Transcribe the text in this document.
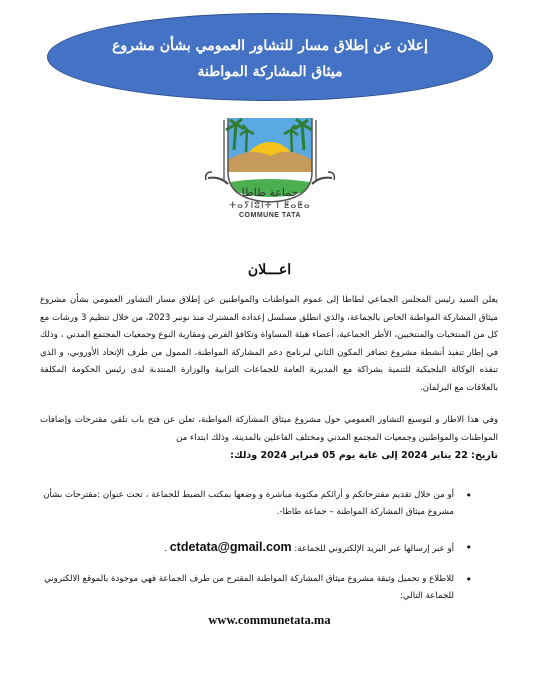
إعلان عن إطلاق مسار للتشاور العمومي بشأن مشروع
ميثاق المشاركة المواطنة
جماعة طاطا
ⵜⴰⵢⵏⵓⵏⵜ ⵏ ⵟⴰⵟⴰ
COMMUNE TATA
اعـــلان
يعلن السيد رئيس المجلس الجماعي لطاطا إلى عموم المواطنات والمواطنين عن إطلاق مسار التشاور العمومي بشأن مشروع ميثاق المشاركة المواطنة الخاص بالجماعة، والذي انطلق مسلسل إعداده المشترك منذ نونبر 2023، من خلال تنظيم 3 ورشات مع كل من المنتخبات والمنتخبين، الأطر الجماعية، أعضاء هيئة المساواة وتكافؤ الفرص ومقاربة النوع وجمعيات المجتمع المدني ، وذلك في إطار تنفيذ أنشطة مشروع تضافر المكون الثاني لبرنامج دعم المشاركة المواطنة، الممول من طرف الإتحاد الأوروبي، و الذي تنفذه الوكالة البلجيكية للتنمية بشراكة مع المديرية العامة للجماعات الترابية والوزارة المنتدبة لدى رئيس الحكومة المكلفة بالعلاقات مع البرلمان.
وفي هذا الاطار و لتوسيع التشاور العمومي حول مشروع ميثاق المشاركة المواطنة، تعلن عن فتح باب تلقي مقترحات وإضافات المواطنات والمواطنين وجمعيات المجتمع المدني ومختلف الفاعلين بالمدينة، وذلك ابتداء من
تاريخ: 22 يناير 2024 إلى غاية يوم 05 فبراير 2024 وذلك:
• أو من خلال تقديم مقترحاتكم و أرائكم مكتوبة مباشرة و وضعها بمكتب الضبط للجماعة ، تحت عنوان :مقترحات بشأن مشروع ميثاق المشاركة المواطنة – جماعة طاطا-.
• أو عبر إرسالها عبر البريد الإلكتروني للجماعة: ctdetata@gmail.com .
• للاطلاع و تحميل وثيقة مشروع ميثاق المشاركة المواطنة المقترح من طرف الجماعة فهي موجودة بالموقع الالكتروني للجماعة التالي:
www.communetata.ma
